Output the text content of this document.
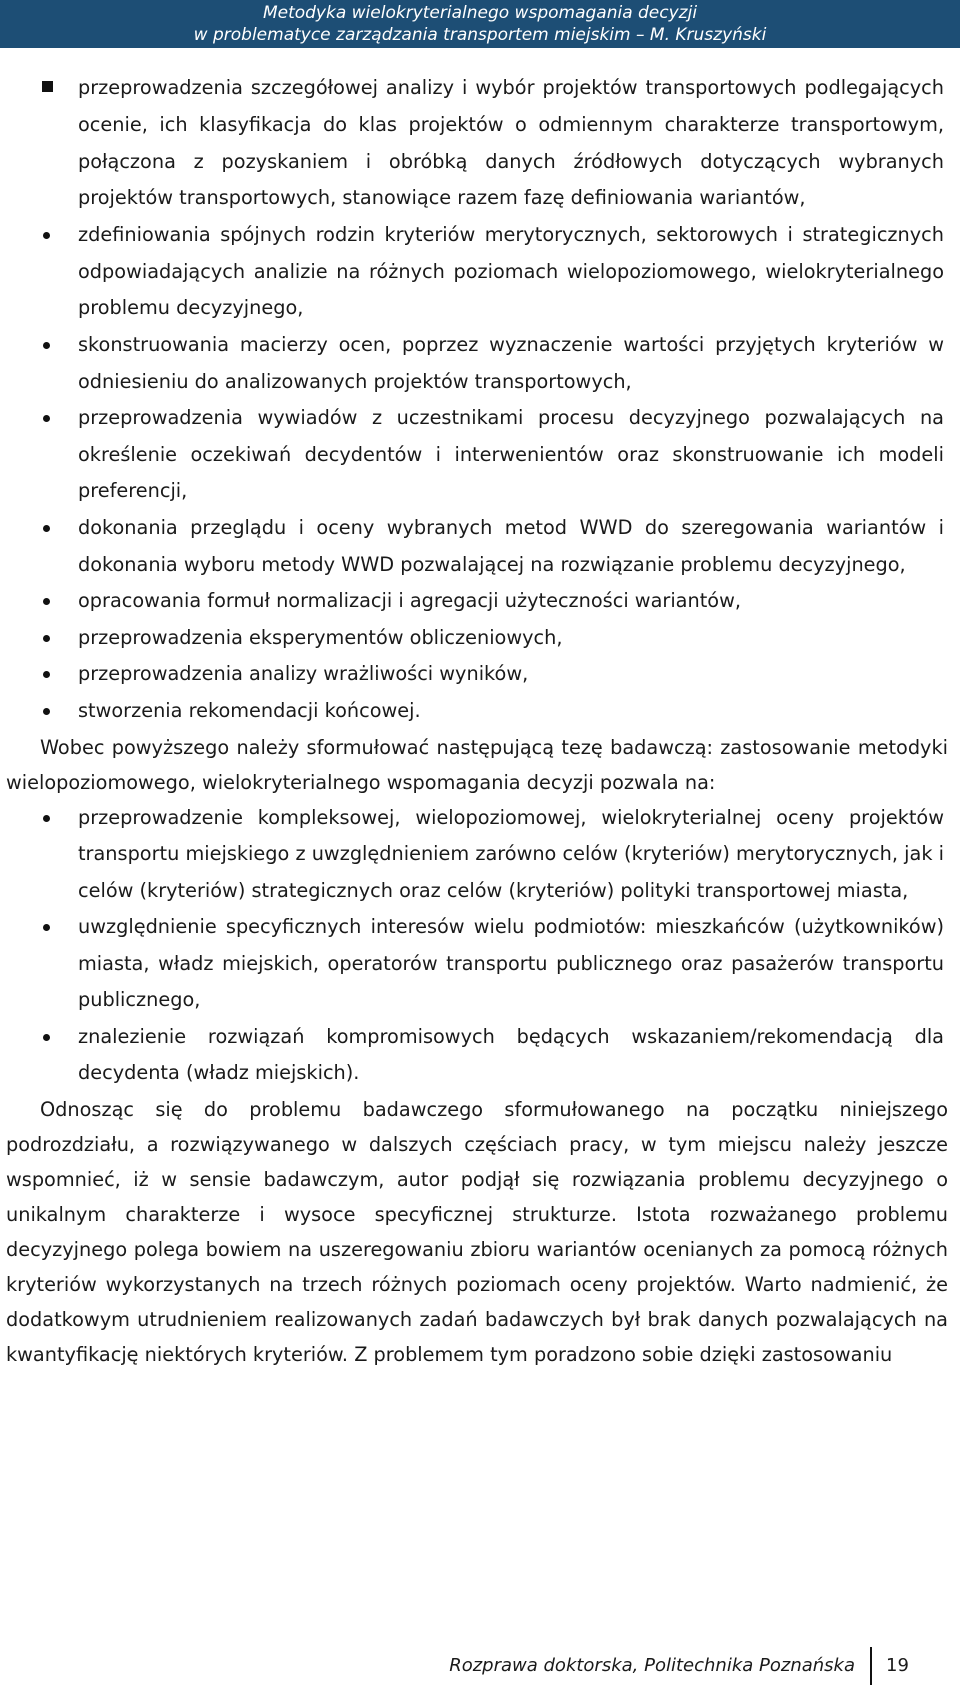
Metodyka wielokryterialnego wspomagania decyzji
w problematyce zarządzania transportem miejskim – M. Kruszyński
przeprowadzenia szczegółowej analizy i wybór projektów transportowych podlegających ocenie, ich klasyfikacja do klas projektów o odmiennym charakterze transportowym, połączona z pozyskaniem i obróbką danych źródłowych dotyczących wybranych projektów transportowych, stanowiące razem fazę definiowania wariantów,
zdefiniowania spójnych rodzin kryteriów merytorycznych, sektorowych i strategicznych odpowiadających analizie na różnych poziomach wielopoziomowego, wielokryterialnego problemu decyzyjnego,
skonstruowania macierzy ocen, poprzez wyznaczenie wartości przyjętych kryteriów w odniesieniu do analizowanych projektów transportowych,
przeprowadzenia wywiadów z uczestnikami procesu decyzyjnego pozwalających na określenie oczekiwań decydentów i interwenientów oraz skonstruowanie ich modeli preferencji,
dokonania przeglądu i oceny wybranych metod WWD do szeregowania wariantów i dokonania wyboru metody WWD pozwalającej na rozwiązanie problemu decyzyjnego,
opracowania formuł normalizacji i agregacji użyteczności wariantów,
przeprowadzenia eksperymentów obliczeniowych,
przeprowadzenia analizy wrażliwości wyników,
stworzenia rekomendacji końcowej.

Wobec powyższego należy sformułować następującą tezę badawczą: zastosowanie metodyki wielopoziomowego, wielokryterialnego wspomagania decyzji pozwala na:

przeprowadzenie kompleksowej, wielopoziomowej, wielokryterialnej oceny projektów transportu miejskiego z uwzględnieniem zarówno celów (kryteriów) merytorycznych, jak i celów (kryteriów) strategicznych oraz celów (kryteriów) polityki transportowej miasta,
uwzględnienie specyficznych interesów wielu podmiotów: mieszkańców (użytkowników) miasta, władz miejskich, operatorów transportu publicznego oraz pasażerów transportu publicznego,
znalezienie rozwiązań kompromisowych będących wskazaniem/rekomendacją dla decydenta (władz miejskich).

Odnosząc się do problemu badawczego sformułowanego na początku niniejszego podrozdziału, a rozwiązywanego w dalszych częściach pracy, w tym miejscu należy jeszcze wspomnieć, iż w sensie badawczym, autor podjął się rozwiązania problemu decyzyjnego o unikalnym charakterze i wysoce specyficznej strukturze. Istota rozważanego problemu decyzyjnego polega bowiem na uszeregowaniu zbioru wariantów ocenianych za pomocą różnych kryteriów wykorzystanych na trzech różnych poziomach oceny projektów. Warto nadmienić, że dodatkowym utrudnieniem realizowanych zadań badawczych był brak danych pozwalających na kwantyfikację niektórych kryteriów. Z problemem tym poradzono sobie dzięki zastosowaniu

Rozprawa doktorska, Politechnika Poznańska 19
